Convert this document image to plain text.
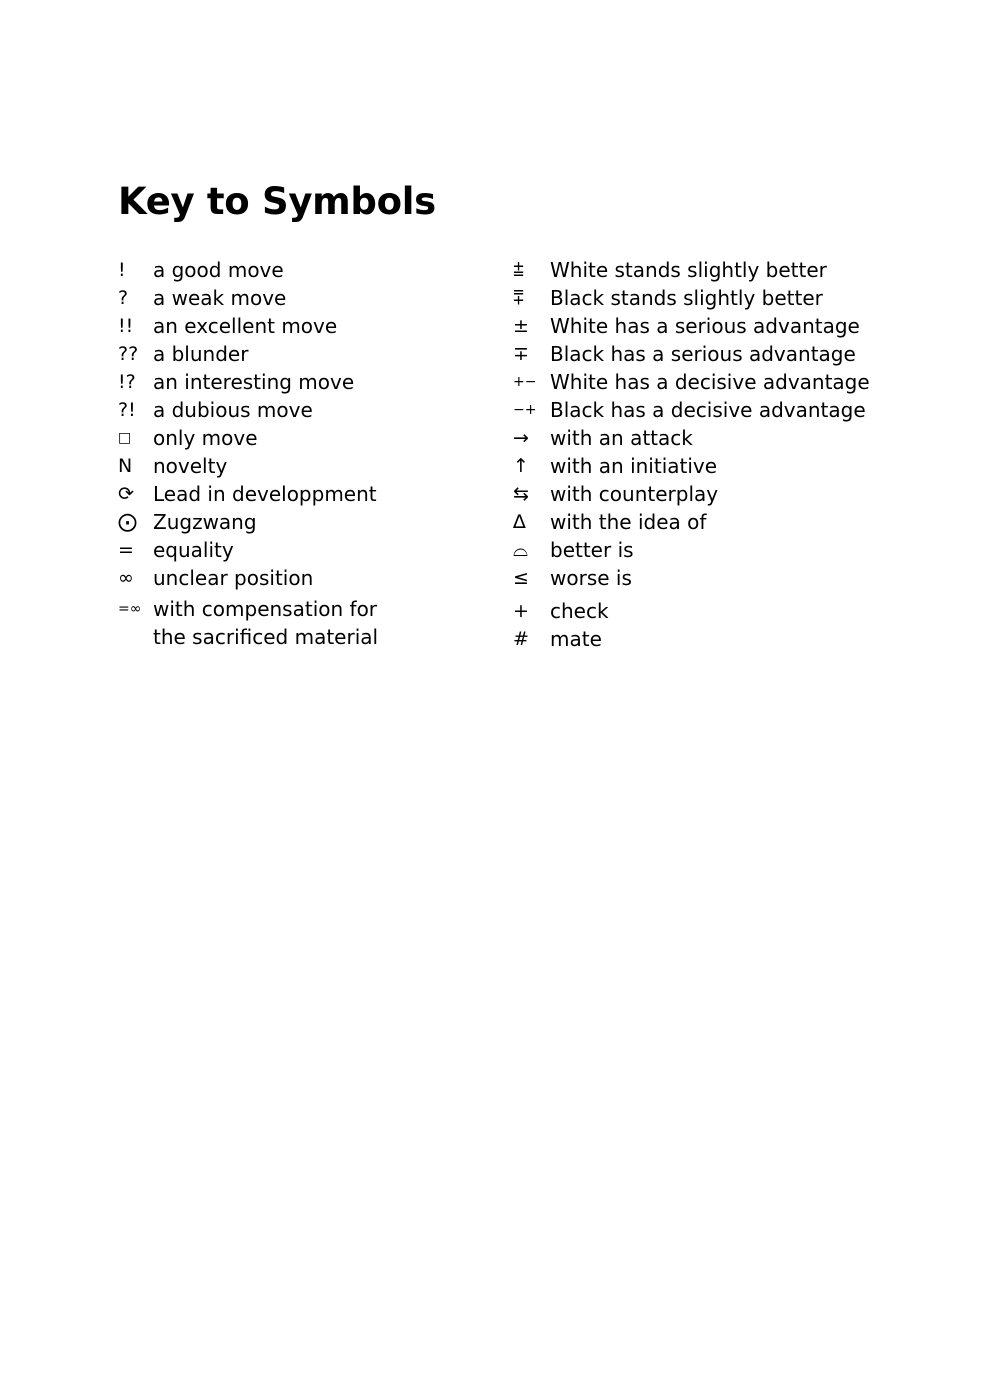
Key to Symbols
!	a good move
?	a weak move
!! an excellent move
?? a blunder
!? an interesting move
?! a dubious move
□	only move
N	novelty
⟳ Lead in developpment
⨀ Zugzwang
= equality
∞ unclear position
=∞ with compensation for the sacrificed material
⩲	White stands slightly better
⩱	Black stands slightly better
±	White has a serious advantage
∓	Black has a serious advantage
+− White has a decisive advantage
−+ Black has a decisive advantage
→	with an attack
↑	with an initiative
⇆	with counterplay
∆	with the idea of
⌓	better is
≤	worse is
+	check
#	mate
